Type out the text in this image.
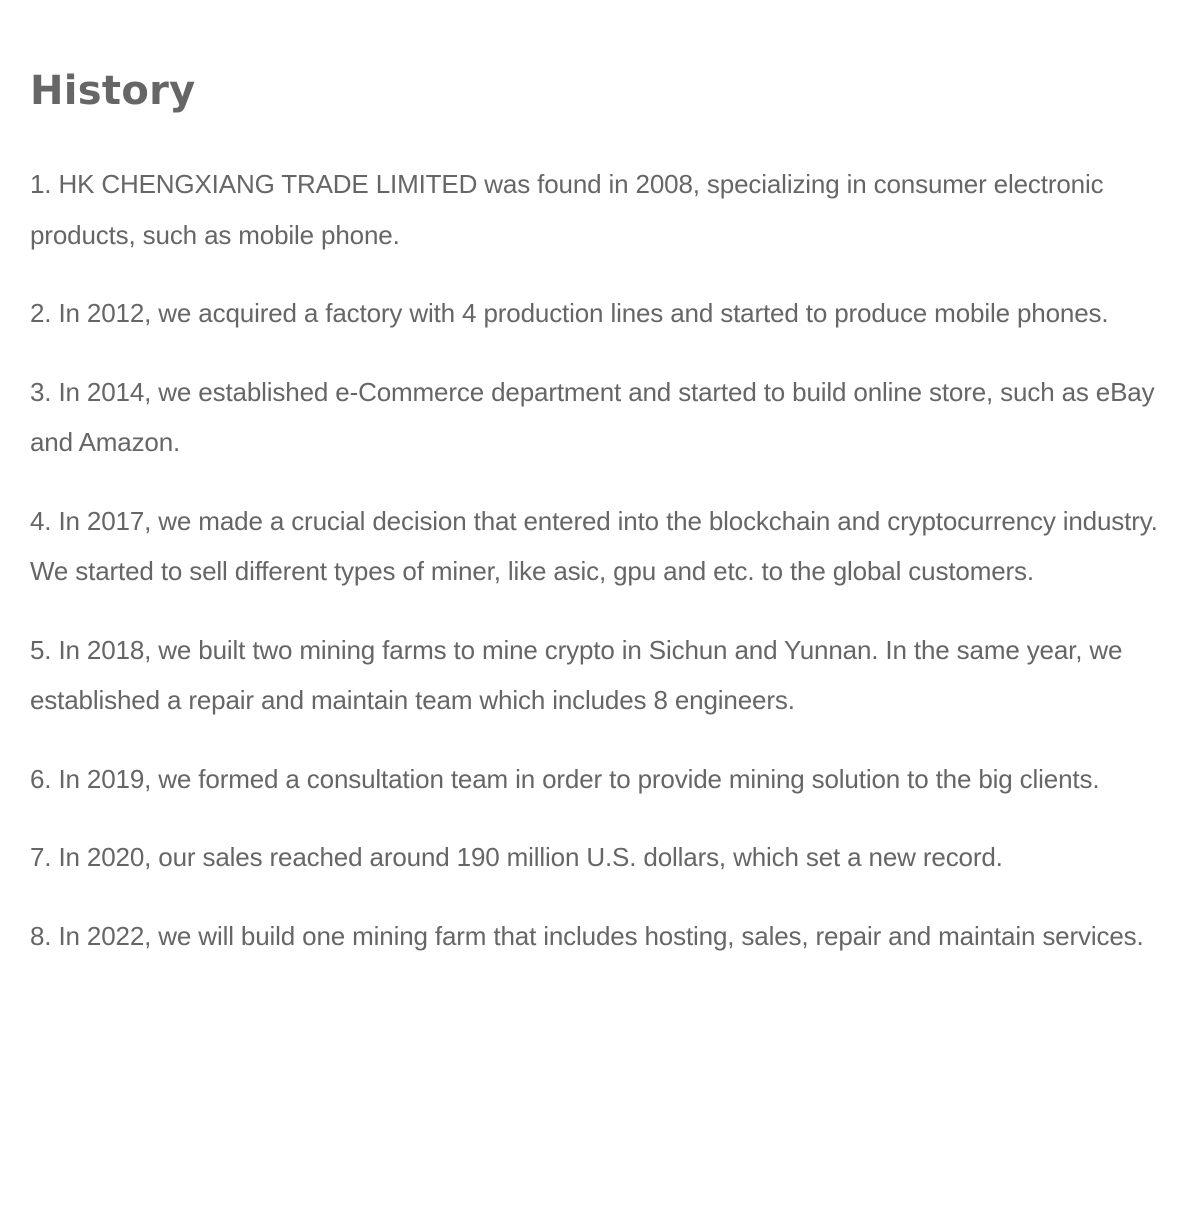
History

1. HK CHENGXIANG TRADE LIMITED was found in 2008, specializing in consumer electronic products, such as mobile phone.

2. In 2012, we acquired a factory with 4 production lines and started to produce mobile phones.

3. In 2014, we established e-Commerce department and started to build online store, such as eBay and Amazon.

4. In 2017, we made a crucial decision that entered into the blockchain and cryptocurrency industry. We started to sell different types of miner, like asic, gpu and etc. to the global customers.

5. In 2018, we built two mining farms to mine crypto in Sichun and Yunnan. In the same year, we established a repair and maintain team which includes 8 engineers.

6. In 2019, we formed a consultation team in order to provide mining solution to the big clients.

7. In 2020, our sales reached around 190 million U.S. dollars, which set a new record.

8. In 2022, we will build one mining farm that includes hosting, sales, repair and maintain services.
